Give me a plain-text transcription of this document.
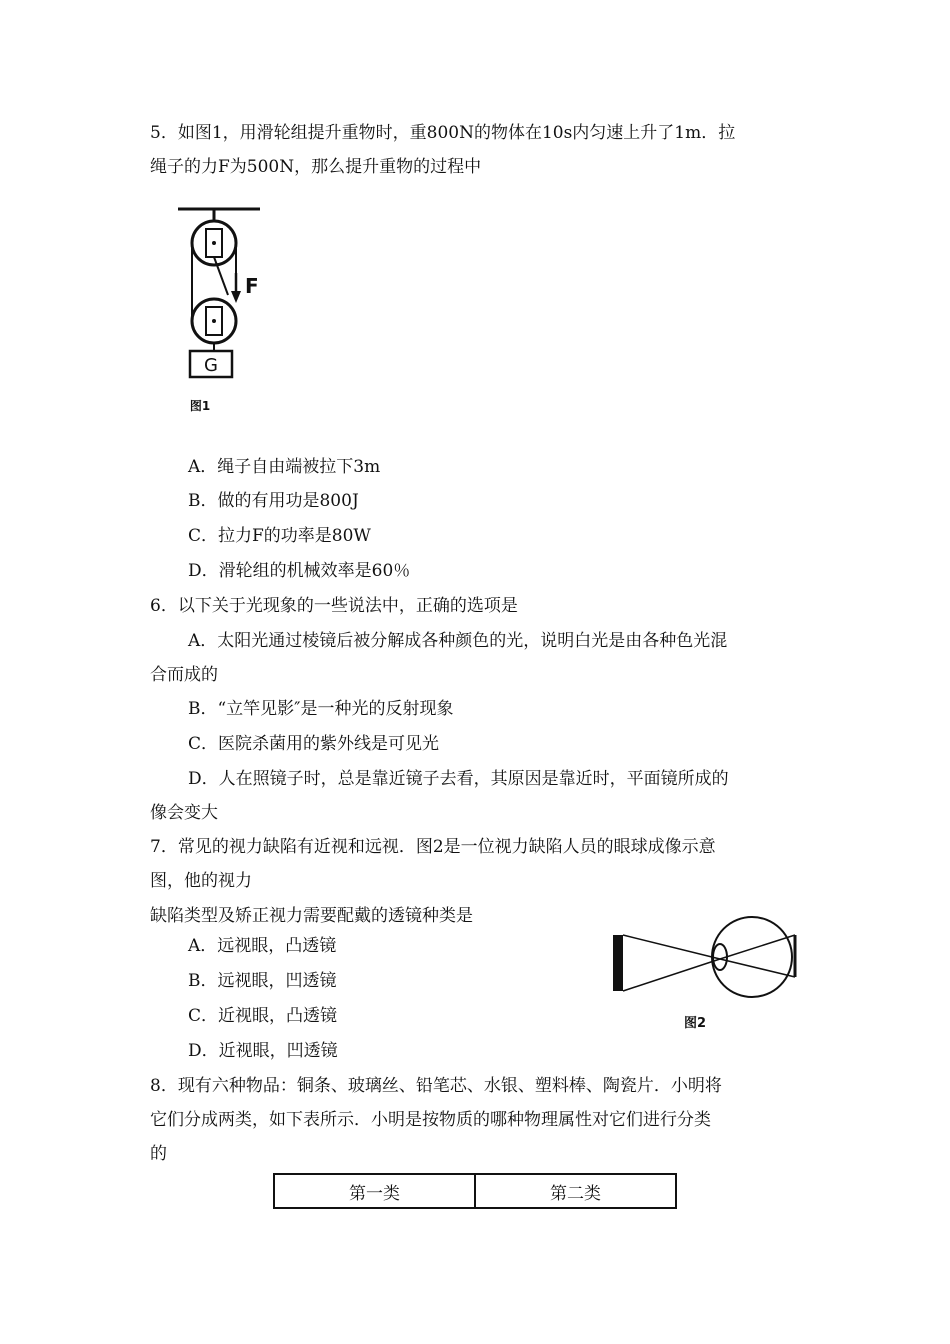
5．如图1，用滑轮组提升重物时，重800N的物体在10s内匀速上升了1m．拉
绳子的力F为500N，那么提升重物的过程中
F
G
图1
A．绳子自由端被拉下3m
B．做的有用功是800J
C．拉力F的功率是80W
D．滑轮组的机械效率是60％
6．以下关于光现象的一些说法中，正确的选项是
A．太阳光通过棱镜后被分解成各种颜色的光，说明白光是由各种色光混
合而成的
B．“立竿见影″是一种光的反射现象
C．医院杀菌用的紫外线是可见光
D．人在照镜子时，总是靠近镜子去看，其原因是靠近时，平面镜所成的
像会变大
7．常见的视力缺陷有近视和远视．图2是一位视力缺陷人员的眼球成像示意
图，他的视力
缺陷类型及矫正视力需要配戴的透镜种类是
图2
A．远视眼，凸透镜
B．远视眼，凹透镜
C．近视眼，凸透镜
D．近视眼，凹透镜
8．现有六种物品：铜条、玻璃丝、铅笔芯、水银、塑料棒、陶瓷片．小明将
它们分成两类，如下表所示．小明是按物质的哪种物理属性对它们进行分类
的
第一类	第二类
